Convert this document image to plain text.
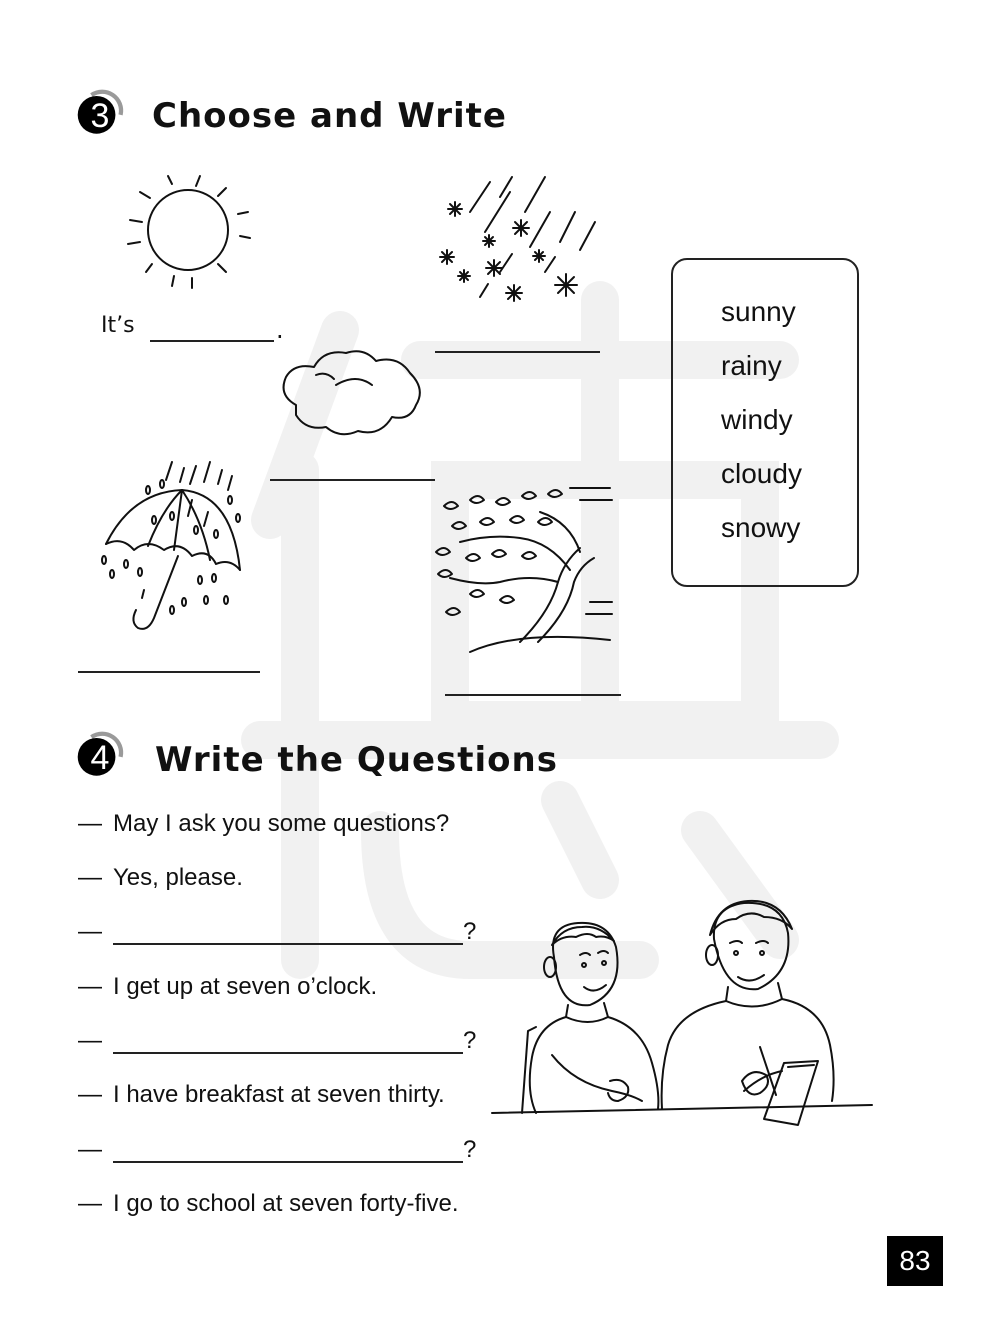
3	Choose and Write
It’s	.
sunny
rainy
windy
cloudy
snowy
4	Write the Questions
— May I ask you some questions?
— Yes, please.
—	?
— I get up at seven o’clock.
—	?
— I have breakfast at seven thirty.
—	?
— I go to school at seven forty-five.
83
